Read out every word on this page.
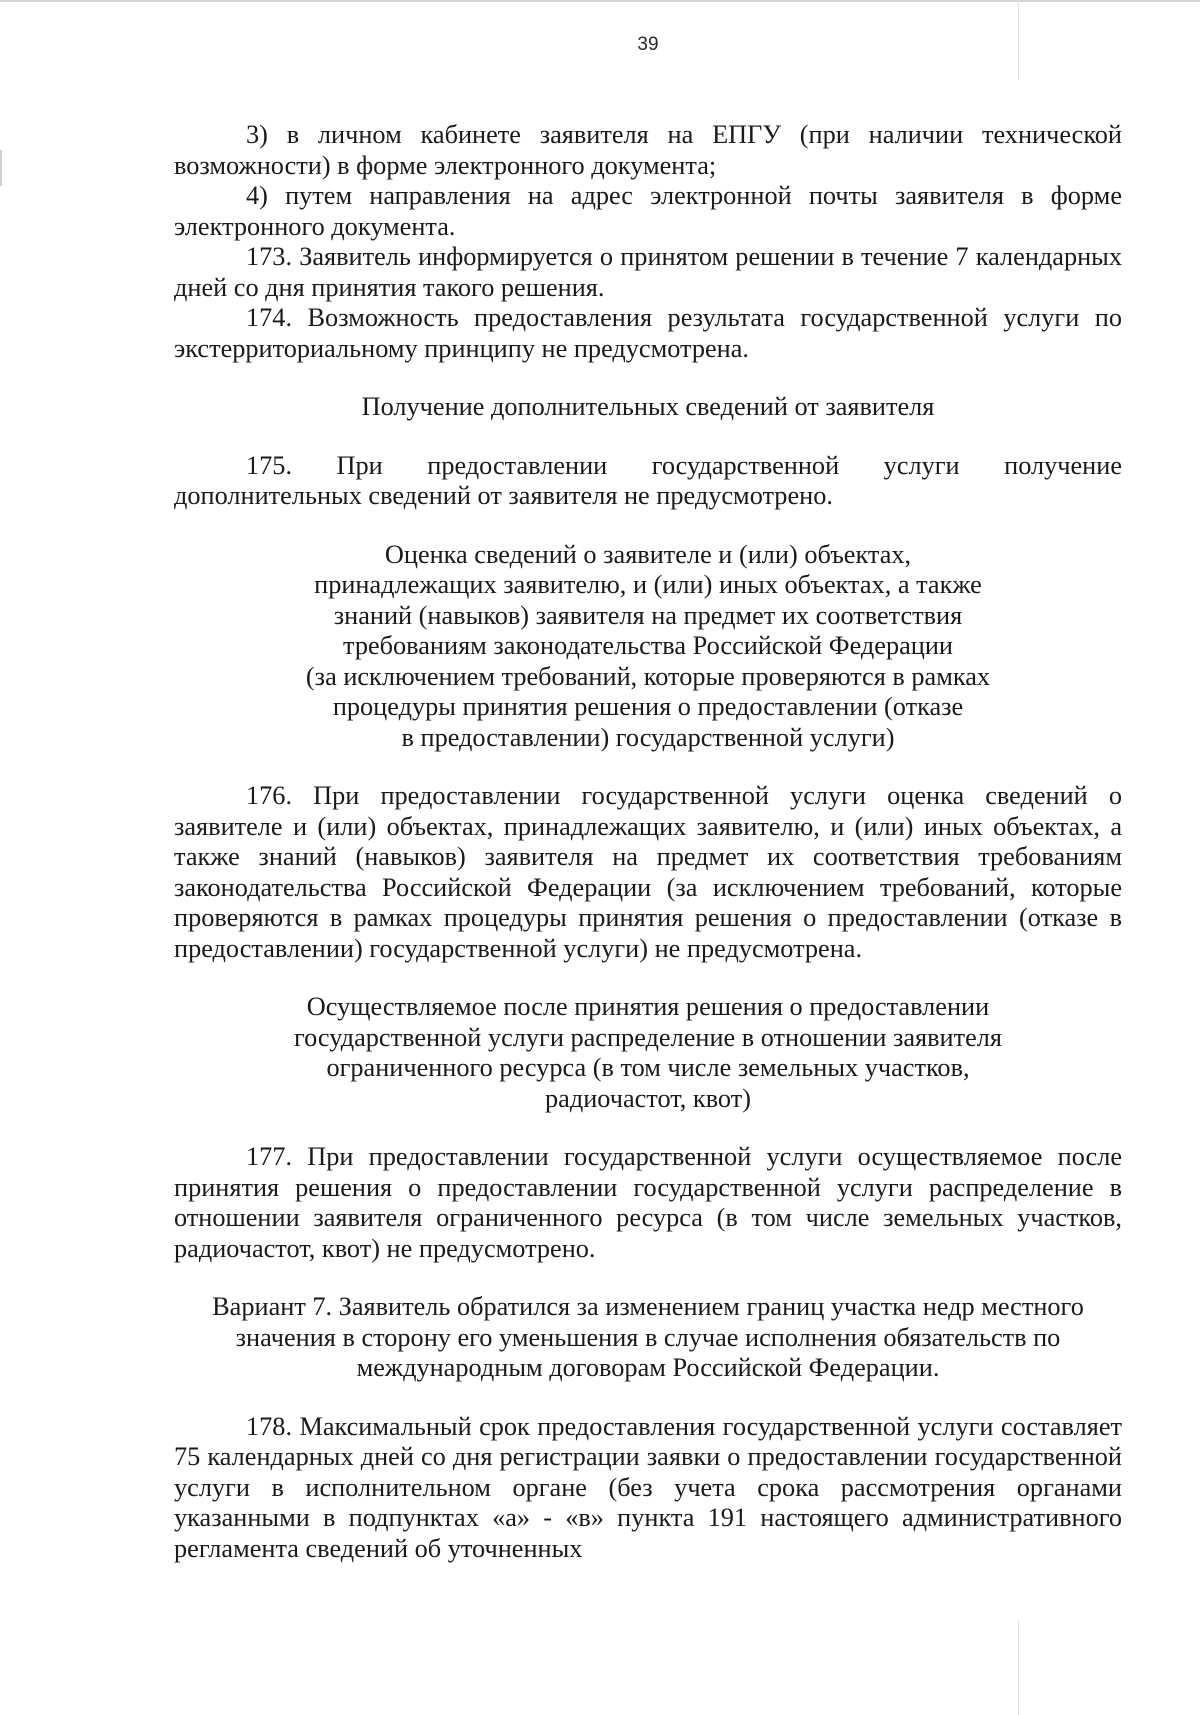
39

3) в личном кабинете заявителя на ЕПГУ (при наличии технической возможности) в форме электронного документа;

4) путем направления на адрес электронной почты заявителя в форме электронного документа.

173. Заявитель информируется о принятом решении в течение 7 календарных дней со дня принятия такого решения.

174. Возможность предоставления результата государственной услуги по экстерриториальному принципу не предусмотрена.

Получение дополнительных сведений от заявителя

175. При предоставлении государственной услуги получение дополнительных сведений от заявителя не предусмотрено.

Оценка сведений о заявителе и (или) объектах,
принадлежащих заявителю, и (или) иных объектах, а также
знаний (навыков) заявителя на предмет их соответствия
требованиям законодательства Российской Федерации
(за исключением требований, которые проверяются в рамках
процедуры принятия решения о предоставлении (отказе
в предоставлении) государственной услуги)

176. При предоставлении государственной услуги оценка сведений о заявителе и (или) объектах, принадлежащих заявителю, и (или) иных объектах, а также знаний (навыков) заявителя на предмет их соответствия требованиям законодательства Российской Федерации (за исключением требований, которые проверяются в рамках процедуры принятия решения о предоставлении (отказе в предоставлении) государственной услуги) не предусмотрена.

Осуществляемое после принятия решения о предоставлении
государственной услуги распределение в отношении заявителя
ограниченного ресурса (в том числе земельных участков,
радиочастот, квот)

177. При предоставлении государственной услуги осуществляемое после принятия решения о предоставлении государственной услуги распределение в отношении заявителя ограниченного ресурса (в том числе земельных участков, радиочастот, квот) не предусмотрено.

Вариант 7. Заявитель обратился за изменением границ участка недр местного
значения в сторону его уменьшения в случае исполнения обязательств по
международным договорам Российской Федерации.

178. Максимальный срок предоставления государственной услуги составляет 75 календарных дней со дня регистрации заявки о предоставлении государственной услуги в исполнительном органе (без учета срока рассмотрения органами указанными в подпунктах «а» - «в» пункта 191 настоящего административного регламента сведений об уточненных
